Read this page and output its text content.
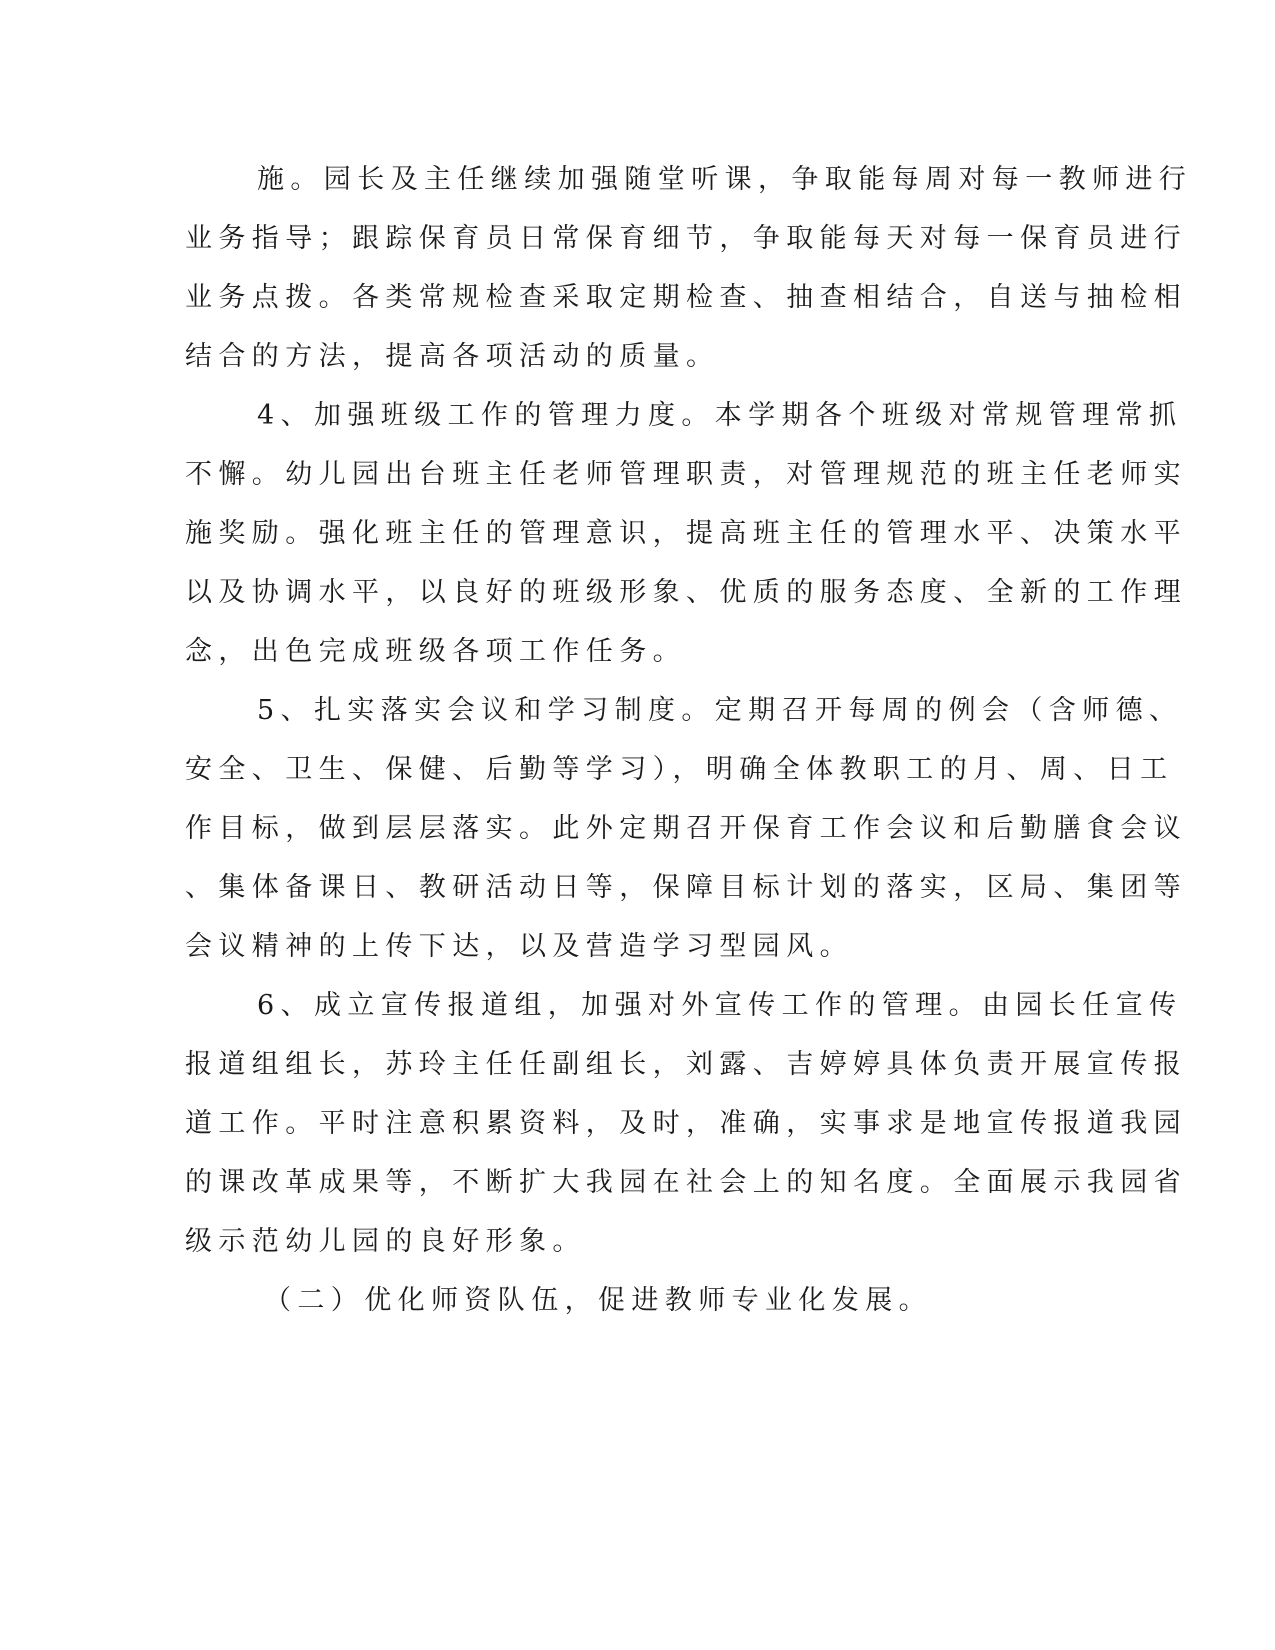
施。园长及主任继续加强随堂听课，争取能每周对每一教师进行
业务指导；跟踪保育员日常保育细节，争取能每天对每一保育员进行
业务点拨。各类常规检查采取定期检查、抽查相结合，自送与抽检相
结合的方法，提高各项活动的质量。
4、加强班级工作的管理力度。本学期各个班级对常规管理常抓
不懈。幼儿园出台班主任老师管理职责，对管理规范的班主任老师实
施奖励。强化班主任的管理意识，提高班主任的管理水平、决策水平
以及协调水平，以良好的班级形象、优质的服务态度、全新的工作理
念，出色完成班级各项工作任务。
5、扎实落实会议和学习制度。定期召开每周的例会（含师德、
安全、卫生、保健、后勤等学习），明确全体教职工的月、周、日工
作目标，做到层层落实。此外定期召开保育工作会议和后勤膳食会议
、集体备课日、教研活动日等，保障目标计划的落实，区局、集团等
会议精神的上传下达，以及营造学习型园风。
6、成立宣传报道组，加强对外宣传工作的管理。由园长任宣传
报道组组长，苏玲主任任副组长，刘露、吉婷婷具体负责开展宣传报
道工作。平时注意积累资料，及时，准确，实事求是地宣传报道我园
的课改革成果等，不断扩大我园在社会上的知名度。全面展示我园省
级示范幼儿园的良好形象。
（二）优化师资队伍，促进教师专业化发展。
